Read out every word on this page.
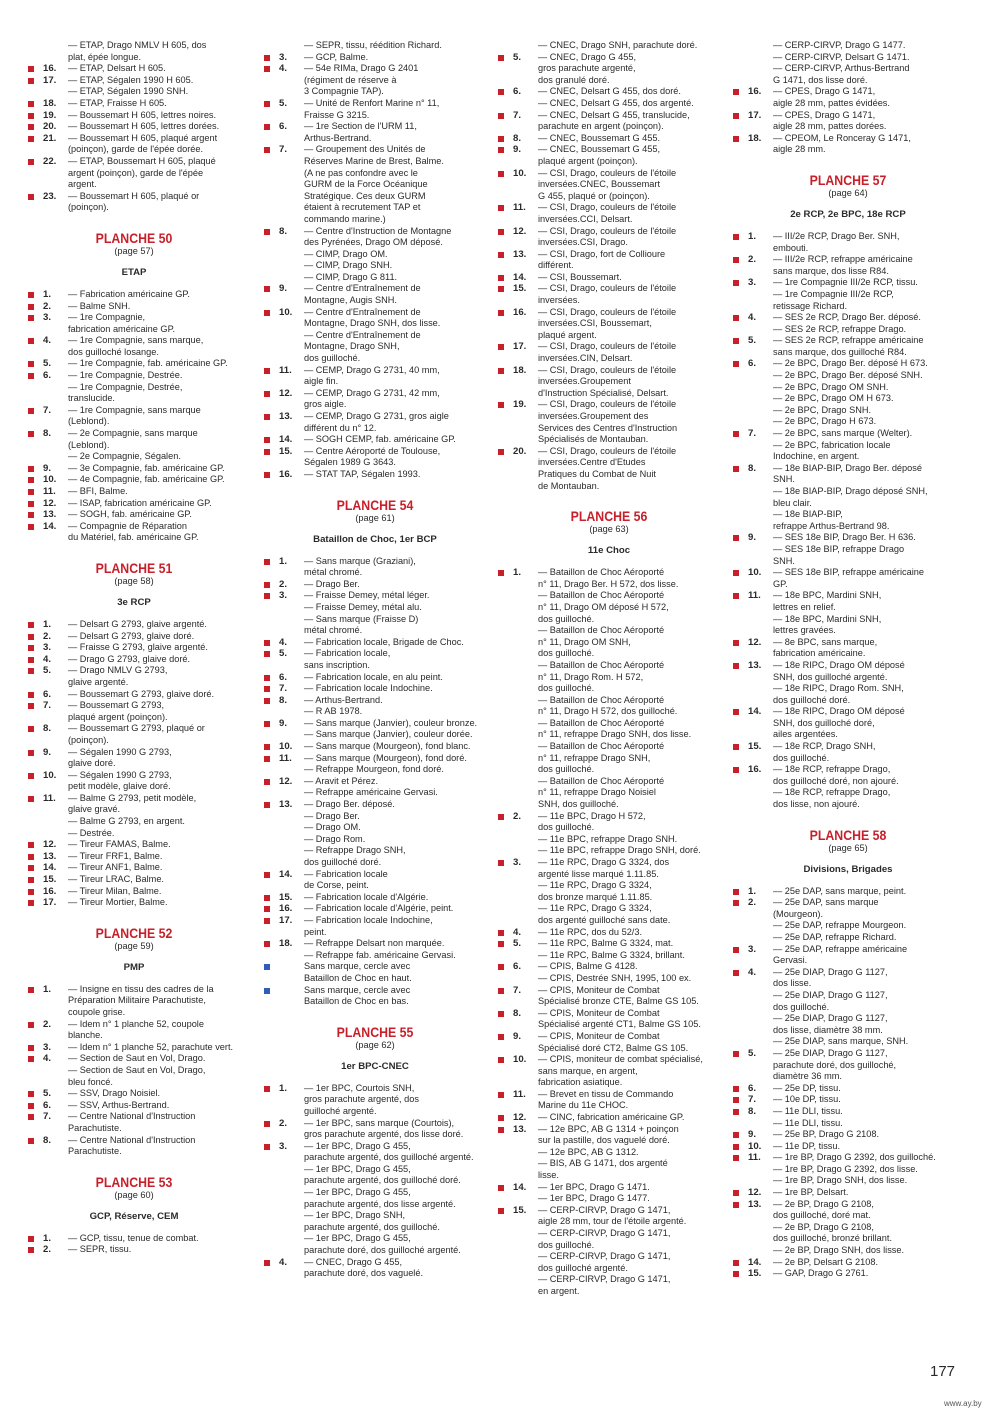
— ETAP, Drago NMLV H 605, dos
plat, épée longue.
16.	— ETAP, Delsart H 605.
17.	— ETAP, Ségalen 1990 H 605.
— ETAP, Ségalen 1990 SNH.
18.	— ETAP, Fraisse H 605.
19.	— Boussemart H 605, lettres noires.
20.	— Boussemart H 605, lettres dorées.
21.	— Boussemart H 605, plaqué argent
(poinçon), garde de l'épée dorée.
22.	— ETAP, Boussemart H 605, plaqué
argent (poinçon), garde de l'épée
argent.
23.	— Boussemart H 605, plaqué or
(poinçon).
PLANCHE 50
(page 57)
ETAP
1.	— Fabrication américaine GP.
2.	— Balme SNH.
3.	— 1re Compagnie,
fabrication américaine GP.
4.	— 1re Compagnie, sans marque,
dos guilloché losange.
5.	— 1re Compagnie, fab. américaine GP.
6.	— 1re Compagnie, Destrée.
— 1re Compagnie, Destrée,
translucide.
7.	— 1re Compagnie, sans marque
(Leblond).
8.	— 2e Compagnie, sans marque
(Leblond).
— 2e Compagnie, Ségalen.
9.	— 3e Compagnie, fab. américaine GP.
10.	— 4e Compagnie, fab. américaine GP.
11.	— BFI, Balme.
12.	— ISAP, fabrication américaine GP.
13.	— SOGH, fab. américaine GP.
14.	— Compagnie de Réparation
du Matériel, fab. américaine GP.
PLANCHE 51
(page 58)
3e RCP
1.	— Delsart G 2793, glaive argenté.
2.	— Delsart G 2793, glaive doré.
3.	— Fraisse G 2793, glaive argenté.
4.	— Drago G 2793, glaive doré.
5.	— Drago NMLV G 2793,
glaive argenté.
6.	— Boussemart G 2793, glaive doré.
7.	— Boussemart G 2793,
plaqué argent (poinçon).
8.	— Boussemart G 2793, plaqué or
(poinçon).
9.	— Ségalen 1990 G 2793,
glaive doré.
10.	— Ségalen 1990 G 2793,
petit modèle, glaive doré.
11.	— Balme G 2793, petit modèle,
glaive gravé.
— Balme G 2793, en argent.
— Destrée.
12.	— Tireur FAMAS, Balme.
13.	— Tireur FRF1, Balme.
14.	— Tireur ANF1, Balme.
15.	— Tireur LRAC, Balme.
16.	— Tireur Milan, Balme.
17.	— Tireur Mortier, Balme.
PLANCHE 52
(page 59)
PMP
1.	— Insigne en tissu des cadres de la
Préparation Militaire Parachutiste,
coupole grise.
2.	— Idem n° 1 planche 52, coupole blanche.
3.	— Idem n° 1 planche 52, parachute vert.
4.	— Section de Saut en Vol, Drago.
— Section de Saut en Vol, Drago,
bleu foncé.
5.	— SSV, Drago Noisiel.
6.	— SSV, Arthus-Bertrand.
7.	— Centre National d'Instruction
Parachutiste.
8.	— Centre National d'Instruction
Parachutiste.
PLANCHE 53
(page 60)
GCP, Réserve, CEM
1.	— GCP, tissu, tenue de combat.
2.	— SEPR, tissu.
— SEPR, tissu, réédition Richard.
3.	— GCP, Balme.
4.	— 54e RIMa, Drago G 2401
(régiment de réserve à
3 Compagnie TAP).
5.	— Unité de Renfort Marine n° 11,
Fraisse G 3215.
6.	— 1re Section de l'URM 11,
Arthus-Bertrand.
7.	— Groupement des Unités de
Réserves Marine de Brest, Balme.
(A ne pas confondre avec le
GURM de la Force Océanique
Stratégique. Ces deux GURM
étaient à recrutement TAP et
commando marine.)
8.	— Centre d'Instruction de Montagne
des Pyrénées, Drago OM déposé.
— CIMP, Drago OM.
— CIMP, Drago SNH.
— CIMP, Drago G 811.
9.	— Centre d'Entraînement de
Montagne, Augis SNH.
10.	— Centre d'Entraînement de
Montagne, Drago SNH, dos lisse.
— Centre d'Entraînement de
Montagne, Drago SNH,
dos guilloché.
11.	— CEMP, Drago G 2731, 40 mm,
aigle fin.
12.	— CEMP, Drago G 2731, 42 mm,
gros aigle.
13.	— CEMP, Drago G 2731, gros aigle
différent du n° 12.
14.	— SOGH CEMP, fab. américaine GP.
15.	— Centre Aéroporté de Toulouse,
Ségalen 1989 G 3643.
16.	— STAT TAP, Ségalen 1993.
PLANCHE 54
(page 61)
Bataillon de Choc, 1er BCP
1.	— Sans marque (Graziani),
métal chromé.
2.	— Drago Ber.
3.	— Fraisse Demey, métal léger.
— Fraisse Demey, métal alu.
— Sans marque (Fraisse D)
métal chromé.
4.	— Fabrication locale, Brigade de Choc.
5.	— Fabrication locale,
sans inscription.
6.	— Fabrication locale, en alu peint.
7.	— Fabrication locale Indochine.
8.	— Arthus-Bertrand.
— R AB 1978.
9.	— Sans marque (Janvier), couleur bronze.
— Sans marque (Janvier), couleur dorée.
10.	— Sans marque (Mourgeon), fond blanc.
11.	— Sans marque (Mourgeon), fond doré.
— Refrappe Mourgeon, fond doré.
12.	— Aravit et Pérez.
— Refrappe américaine Gervasi.
13.	— Drago Ber. déposé.
— Drago Ber.
— Drago OM.
— Drago Rom.
— Refrappe Drago SNH,
dos guilloché doré.
14.	— Fabrication locale
de Corse, peint.
15.	— Fabrication locale d'Algérie.
16.	— Fabrication locale d'Algérie, peint.
17.	— Fabrication locale Indochine,
peint.
18.	— Refrappe Delsart non marquée.
— Refrappe fab. américaine Gervasi.
Sans marque, cercle avec
Bataillon de Choc en haut.
Sans marque, cercle avec
Bataillon de Choc en bas.
PLANCHE 55
(page 62)
1er BPC-CNEC
1.	— 1er BPC, Courtois SNH,
gros parachute argenté, dos
guilloché argenté.
2.	— 1er BPC, sans marque (Courtois),
gros parachute argenté, dos lisse doré.
3.	— 1er BPC, Drago G 455,
parachute argenté, dos guilloché argenté.
— 1er BPC, Drago G 455,
parachute argenté, dos guilloché doré.
— 1er BPC, Drago G 455,
parachute argenté, dos lisse argenté.
— 1er BPC, Drago SNH,
parachute argenté, dos guilloché.
— 1er BPC, Drago G 455,
parachute doré, dos guilloché argenté.
4.	— CNEC, Drago G 455,
parachute doré, dos vaguelé.
— CNEC, Drago SNH, parachute doré.
5.	— CNEC, Drago G 455,
gros parachute argenté,
dos granulé doré.
6.	— CNEC, Delsart G 455, dos doré.
— CNEC, Delsart G 455, dos argenté.
7.	— CNEC, Delsart G 455, translucide,
parachute en argent (poinçon).
8.	— CNEC, Boussemart G 455.
9.	— CNEC, Boussemart G 455,
plaqué argent (poinçon).
10.	— CSI, Drago, couleurs de l'étoile
inversées.CNEC, Boussemart
G 455, plaqué or (poinçon).
11.	— CSI, Drago, couleurs de l'étoile
inversées.CCI, Delsart.
12.	— CSI, Drago, couleurs de l'étoile
inversées.CSI, Drago.
13.	— CSI, Drago, fort de Collioure
différent.
14.	— CSI, Boussemart.
15.	— CSI, Drago, couleurs de l'étoile
inversées.
16.	— CSI, Drago, couleurs de l'étoile
inversées.CSI, Boussemart,
plaqué argent.
17.	— CSI, Drago, couleurs de l'étoile
inversées.CIN, Delsart.
18.	— CSI, Drago, couleurs de l'étoile
inversées.Groupement
d'Instruction Spécialisé, Delsart.
19.	— CSI, Drago, couleurs de l'étoile
inversées.Groupement des
Services des Centres d'Instruction
Spécialisés de Montauban.
20.	— CSI, Drago, couleurs de l'étoile
inversées.Centre d'Etudes
Pratiques du Combat de Nuit
de Montauban.
PLANCHE 56
(page 63)
11e Choc
1.	— Bataillon de Choc Aéroporté
n° 11, Drago Ber. H 572, dos lisse.
— Bataillon de Choc Aéroporté
n° 11, Drago OM déposé H 572,
dos guilloché.
— Bataillon de Choc Aéroporté
n° 11, Drago OM SNH,
dos guilloché.
— Bataillon de Choc Aéroporté
n° 11, Drago Rom. H 572,
dos guilloché.
— Bataillon de Choc Aéroporté
n° 11, Drago H 572, dos guilloché.
— Bataillon de Choc Aéroporté
n° 11, refrappe Drago SNH, dos lisse.
— Bataillon de Choc Aéroporté
n° 11, refrappe Drago SNH,
dos guilloché.
— Bataillon de Choc Aéroporté
n° 11, refrappe Drago Noisiel
SNH, dos guilloché.
2.	— 11e BPC, Drago H 572,
dos guilloché.
— 11e BPC, refrappe Drago SNH.
— 11e BPC, refrappe Drago SNH, doré.
3.	— 11e RPC, Drago G 3324, dos
argenté lisse marqué 1.11.85.
— 11e RPC, Drago G 3324,
dos bronze marqué 1.11.85.
— 11e RPC, Drago G 3324,
dos argenté guilloché sans date.
4.	— 11e RPC, dos du 52/3.
5.	— 11e RPC, Balme G 3324, mat.
— 11e RPC, Balme G 3324, brillant.
6.	— CPIS, Balme G 4128.
— CPIS, Destrée SNH, 1995, 100 ex.
7.	— CPIS, Moniteur de Combat
Spécialisé bronze CTE, Balme GS 105.
8.	— CPIS, Moniteur de Combat
Spécialisé argenté CT1, Balme GS 105.
9.	— CPIS, Moniteur de Combat
Spécialisé doré CT2, Balme GS 105.
10.	— CPIS, moniteur de combat spécialisé,
sans marque, en argent,
fabrication asiatique.
11.	— Brevet en tissu de Commando
Marine du 11e CHOC.
12.	— CINC, fabrication américaine GP.
13.	— 12e BPC, AB G 1314 + poinçon
sur la pastille, dos vaguelé doré.
— 12e BPC, AB G 1312.
— BIS, AB G 1471, dos argenté
lisse.
14.	— 1er BPC, Drago G 1471.
— 1er BPC, Drago G 1477.
15.	— CERP-CIRVP, Drago G 1471,
aigle 28 mm, tour de l'étoile argenté.
— CERP-CIRVP, Drago G 1471,
dos guilloché.
— CERP-CIRVP, Drago G 1471,
dos guilloché argenté.
— CERP-CIRVP, Drago G 1471,
en argent.
— CERP-CIRVP, Drago G 1477.
— CERP-CIRVP, Delsart G 1471.
— CERP-CIRVP, Arthus-Bertrand
G 1471, dos lisse doré.
16.	— CPES, Drago G 1471,
aigle 28 mm, pattes évidées.
17.	— CPES, Drago G 1471,
aigle 28 mm, pattes dorées.
18.	— CPEOM, Le Ronceray G 1471,
aigle 28 mm.
PLANCHE 57
(page 64)
2e RCP, 2e BPC, 18e RCP
1.	— III/2e RCP, Drago Ber. SNH,
embouti.
2.	— III/2e RCP, refrappe américaine
sans marque, dos lisse R84.
3.	— 1re Compagnie III/2e RCP, tissu.
— 1re Compagnie III/2e RCP,
retissage Richard.
4.	— SES 2e RCP, Drago Ber. déposé.
— SES 2e RCP, refrappe Drago.
5.	— SES 2e RCP, refrappe américaine
sans marque, dos guilloché R84.
6.	— 2e BPC, Drago Ber. déposé H 673.
— 2e BPC, Drago Ber. déposé SNH.
— 2e BPC, Drago OM SNH.
— 2e BPC, Drago OM H 673.
— 2e BPC, Drago SNH.
— 2e BPC, Drago H 673.
7.	— 2e BPC, sans marque (Welter).
— 2e BPC, fabrication locale
Indochine, en argent.
8.	— 18e BIAP-BIP, Drago Ber. déposé
SNH.
— 18e BIAP-BIP, Drago déposé SNH,
bleu clair.
— 18e BIAP-BIP,
refrappe Arthus-Bertrand 98.
9.	— SES 18e BIP, Drago Ber. H 636.
— SES 18e BIP, refrappe Drago
SNH.
10.	— SES 18e BIP, refrappe américaine
GP.
11.	— 18e BPC, Mardini SNH,
lettres en relief.
— 18e BPC, Mardini SNH,
lettres gravées.
12.	— 8e BPC, sans marque,
fabrication américaine.
13.	— 18e RIPC, Drago OM déposé
SNH, dos guilloché argenté.
— 18e RIPC, Drago Rom. SNH,
dos guilloché doré.
14.	— 18e RIPC, Drago OM déposé
SNH, dos guilloché doré,
ailes argentées.
15.	— 18e RCP, Drago SNH,
dos guilloché.
16.	— 18e RCP, refrappe Drago,
dos guilloché doré, non ajouré.
— 18e RCP, refrappe Drago,
dos lisse, non ajouré.
PLANCHE 58
(page 65)
Divisions, Brigades
1.	— 25e DAP, sans marque, peint.
2.	— 25e DAP, sans marque
(Mourgeon).
— 25e DAP, refrappe Mourgeon.
— 25e DAP, refrappe Richard.
3.	— 25e DAP, refrappe américaine
Gervasi.
4.	— 25e DIAP, Drago G 1127,
dos lisse.
— 25e DIAP, Drago G 1127,
dos guilloché.
— 25e DIAP, Drago G 1127,
dos lisse, diamètre 38 mm.
— 25e DIAP, sans marque, SNH.
5.	— 25e DIAP, Drago G 1127,
parachute doré, dos guilloché,
diamètre 36 mm.
6.	— 25e DP, tissu.
7.	— 10e DP, tissu.
8.	— 11e DLI, tissu.
— 11e DLI, tissu.
9.	— 25e BP, Drago G 2108.
10.	— 11e DP, tissu.
11.	— 1re BP, Drago G 2392, dos guilloché.
— 1re BP, Drago G 2392, dos lisse.
— 1re BP, Drago SNH, dos lisse.
12.	— 1re BP, Delsart.
13.	— 2e BP, Drago G 2108,
dos guilloché, doré mat.
— 2e BP, Drago G 2108,
dos guilloché, bronzé brillant.
— 2e BP, Drago SNH, dos lisse.
14.	— 2e BP, Delsart G 2108.
15.	— GAP, Drago G 2761.
177
www.ay.by
